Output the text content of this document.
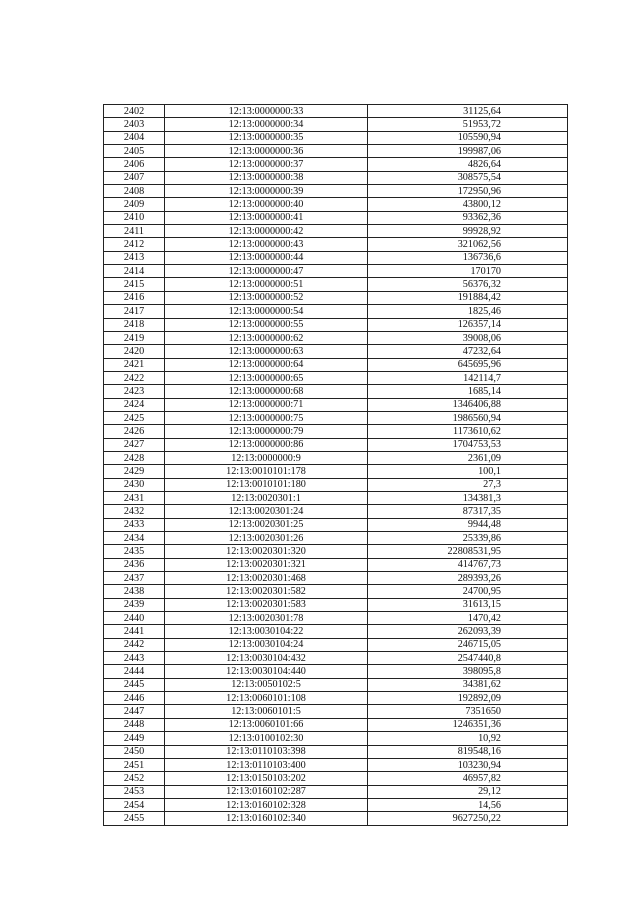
2402	12:13:0000000:33	31125,64
2403	12:13:0000000:34	51953,72
2404	12:13:0000000:35	105590,94
2405	12:13:0000000:36	199987,06
2406	12:13:0000000:37	4826,64
2407	12:13:0000000:38	308575,54
2408	12:13:0000000:39	172950,96
2409	12:13:0000000:40	43800,12
2410	12:13:0000000:41	93362,36
2411	12:13:0000000:42	99928,92
2412	12:13:0000000:43	321062,56
2413	12:13:0000000:44	136736,6
2414	12:13:0000000:47	170170
2415	12:13:0000000:51	56376,32
2416	12:13:0000000:52	191884,42
2417	12:13:0000000:54	1825,46
2418	12:13:0000000:55	126357,14
2419	12:13:0000000:62	39008,06
2420	12:13:0000000:63	47232,64
2421	12:13:0000000:64	645695,96
2422	12:13:0000000:65	142114,7
2423	12:13:0000000:68	1685,14
2424	12:13:0000000:71	1346406,88
2425	12:13:0000000:75	1986560,94
2426	12:13:0000000:79	1173610,62
2427	12:13:0000000:86	1704753,53
2428	12:13:0000000:9	2361,09
2429	12:13:0010101:178	100,1
2430	12:13:0010101:180	27,3
2431	12:13:0020301:1	134381,3
2432	12:13:0020301:24	87317,35
2433	12:13:0020301:25	9944,48
2434	12:13:0020301:26	25339,86
2435	12:13:0020301:320	22808531,95
2436	12:13:0020301:321	414767,73
2437	12:13:0020301:468	289393,26
2438	12:13:0020301:582	24700,95
2439	12:13:0020301:583	31613,15
2440	12:13:0020301:78	1470,42
2441	12:13:0030104:22	262093,39
2442	12:13:0030104:24	246715,05
2443	12:13:0030104:432	2547440,8
2444	12:13:0030104:440	398095,8
2445	12:13:0050102:5	34381,62
2446	12:13:0060101:108	192892,09
2447	12:13:0060101:5	7351650
2448	12:13:0060101:66	1246351,36
2449	12:13:0100102:30	10,92
2450	12:13:0110103:398	819548,16
2451	12:13:0110103:400	103230,94
2452	12:13:0150103:202	46957,82
2453	12:13:0160102:287	29,12
2454	12:13:0160102:328	14,56
2455	12:13:0160102:340	9627250,22
